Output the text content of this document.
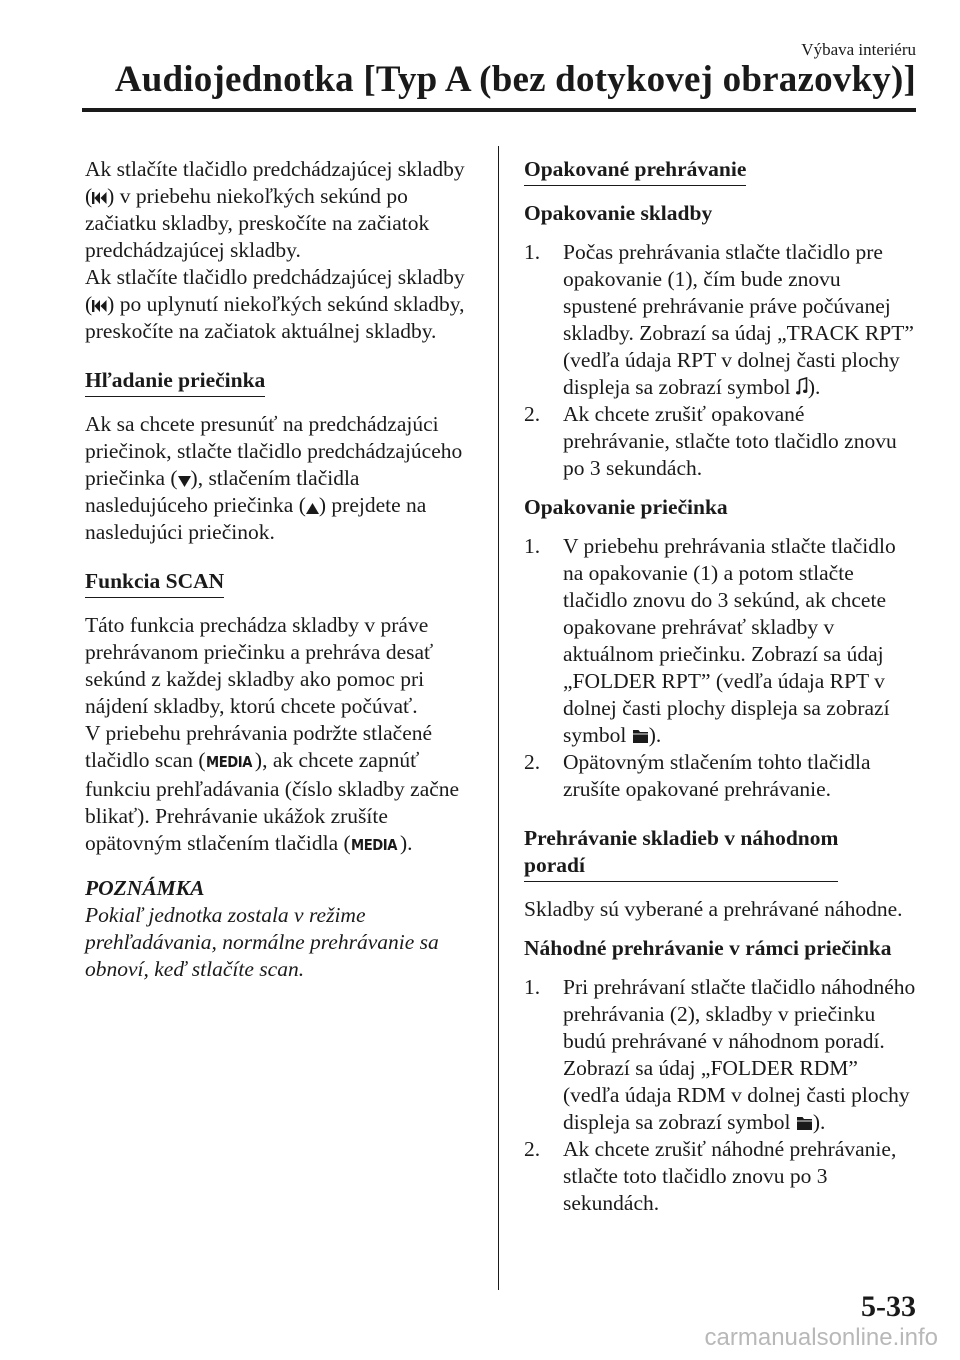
Výbava interiéru
Audiojednotka [Typ A (bez dotykovej obrazovky)]

Ak stlačíte tlačidlo predchádzajúcej skladby ( ) v priebehu niekoľkých sekúnd po začiatku skladby, preskočíte na začiatok predchádzajúcej skladby.

Ak stlačíte tlačidlo predchádzajúcej skladby ( ) po uplynutí niekoľkých sekúnd skladby, preskočíte na začiatok aktuálnej skladby.

Hľadanie priečinka

Ak sa chcete presunúť na predchádzajúci priečinok, stlačte tlačidlo predchádzajúceho priečinka ( ), stlačením tlačidla nasledujúceho priečinka ( ) prejdete na nasledujúci priečinok.

Funkcia SCAN

Táto funkcia prechádza skladby v práve prehrávanom priečinku a prehráva desať sekúnd z každej skladby ako pomoc pri nájdení skladby, ktorú chcete počúvať.

V priebehu prehrávania podržte stlačené tlačidlo scan (MEDIA ), ak chcete zapnúť funkciu prehľadávania (číslo skladby začne blikať). Prehrávanie ukážok zrušíte opätovným stlačením tlačidla (MEDIA ).

POZNÁMKA
Pokiaľ jednotka zostala v režime prehľadávania, normálne prehrávanie sa obnoví, keď stlačíte scan.
Opakované prehrávanie
Opakovanie skladby
1. Počas prehrávania stlačte tlačidlo pre opakovanie (1), čím bude znovu spustené prehrávanie práve počúvanej skladby. Zobrazí sa údaj „TRACK RPT” (vedľa údaja RPT v dolnej časti plochy displeja sa zobrazí symbol ).
2. Ak chcete zrušiť opakované prehrávanie, stlačte toto tlačidlo znovu po 3 sekundách.
Opakovanie priečinka
1. V priebehu prehrávania stlačte tlačidlo na opakovanie (1) a potom stlačte tlačidlo znovu do 3 sekúnd, ak chcete opakovane prehrávať skladby v aktuálnom priečinku. Zobrazí sa údaj „FOLDER RPT” (vedľa údaja RPT v dolnej časti plochy displeja sa zobrazí symbol ).
2. Opätovným stlačením tohto tlačidla zrušíte opakované prehrávanie.
Prehrávanie skladieb v náhodnom
poradí

Skladby sú vyberané a prehrávané náhodne.

Náhodné prehrávanie v rámci priečinka
1. Pri prehrávaní stlačte tlačidlo náhodného prehrávania (2), skladby v priečinku budú prehrávané v náhodnom poradí. Zobrazí sa údaj „FOLDER RDM” (vedľa údaja RDM v dolnej časti plochy displeja sa zobrazí symbol ).
2. Ak chcete zrušiť náhodné prehrávanie, stlačte toto tlačidlo znovu po 3 sekundách.
5-33
carmanualsonline.info
